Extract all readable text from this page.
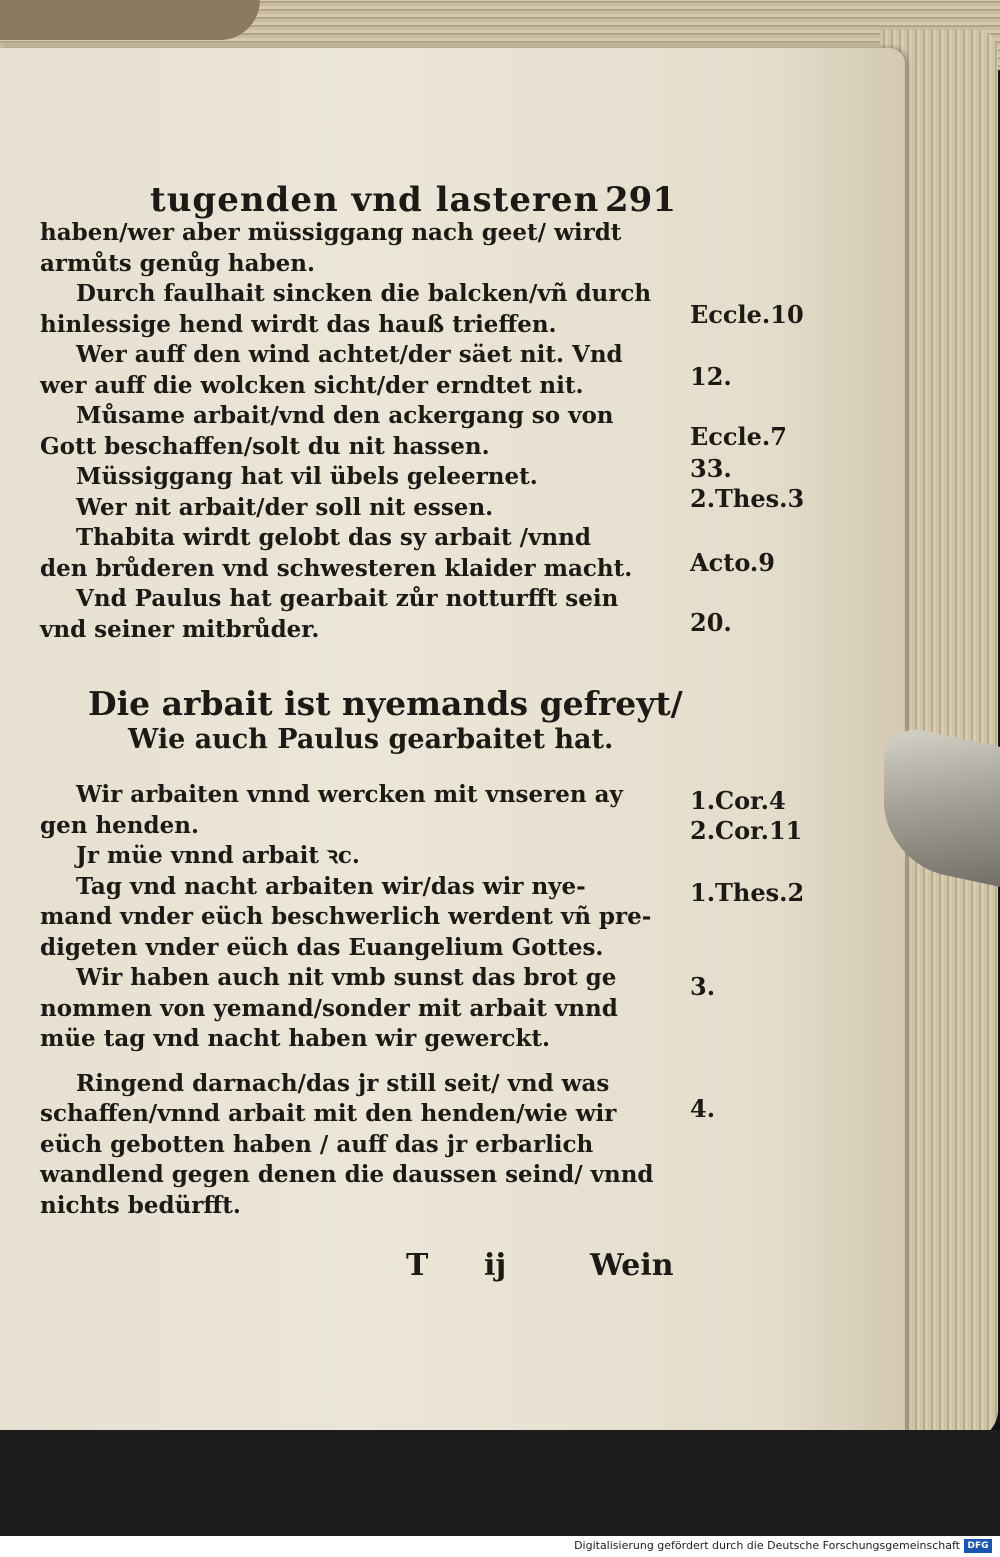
tugenden vnd lasteren 291
haben/wer aber müssiggang nach geet/ wirdt
armůts genůg haben.
Durch faulhait sincken die balcken/vñ durch
hinlessige hend wirdt das hauß trieffen.
Wer auff den wind achtet/der säet nit. Vnd
wer auff die wolcken sicht/der erndtet nit.
Můsame arbait/vnd den ackergang so von
Gott beschaffen/solt du nit hassen.
Müssiggang hat vil übels geleernet.
Wer nit arbait/der soll nit essen.
Thabita wirdt gelobt das sy arbait /vnnd
den brůderen vnd schwesteren klaider macht.
Vnd Paulus hat gearbait zůr notturfft sein
vnd seiner mitbrůder.
Die arbait ist nyemands gefreyt/
Wie auch Paulus gearbaitet hat.
Wir arbaiten vnnd wercken mit vnseren ay
gen henden.
Jr müe vnnd arbait ꝛc.
Tag vnd nacht arbaiten wir/das wir nye-
mand vnder eüch beschwerlich werdent vñ pre-
digeten vnder eüch das Euangelium Gottes.
Wir haben auch nit vmb sunst das brot ge
nommen von yemand/sonder mit arbait vnnd
müe tag vnd nacht haben wir gewerckt.
Ringend darnach/das jr still seit/ vnd was
schaffen/vnnd arbait mit den henden/wie wir
eüch gebotten haben / auff das jr erbarlich
wandlend gegen denen die daussen seind/ vnnd
nichts bedürfft.
Eccle.10
12.
Eccle.7
33.
2.Thes.3
Acto.9
20.
1.Cor.4
2.Cor.11
1.Thes.2
3.
4.
T ij	Wein
Digitalisierung gefördert durch die Deutsche Forschungsgemeinschaft DFG
